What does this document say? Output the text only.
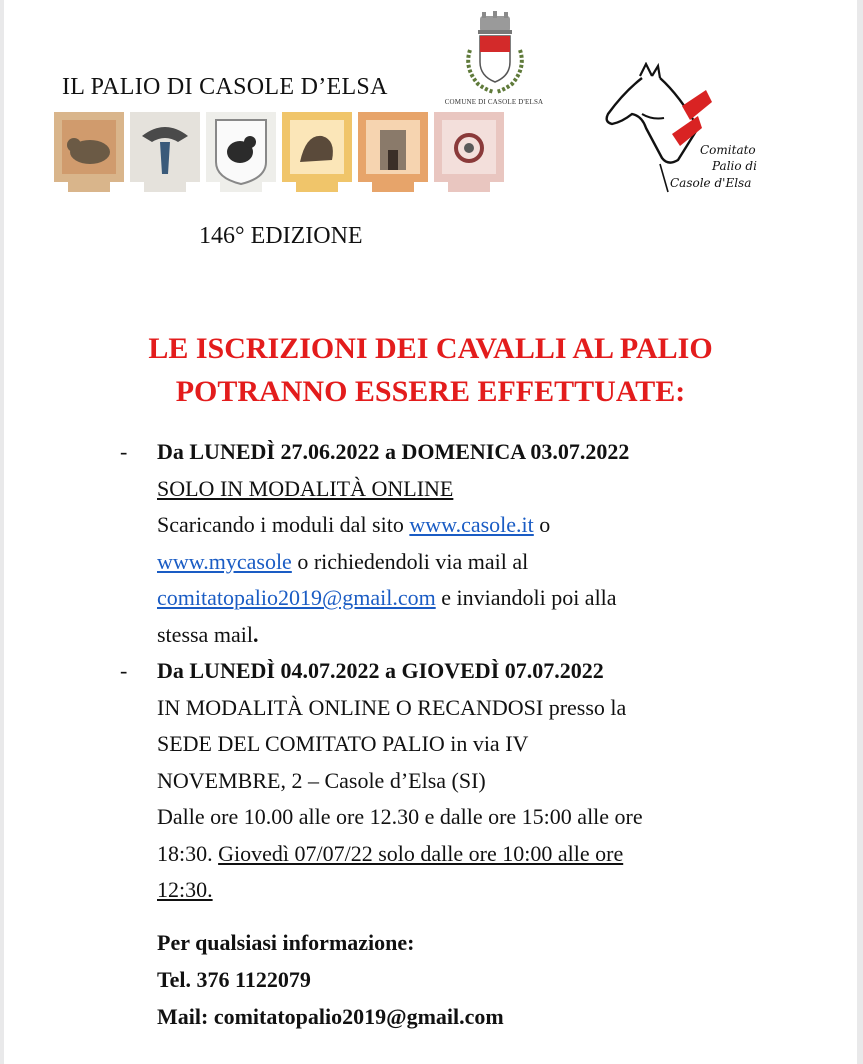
IL PALIO DI CASOLE D’ELSA
COMUNE DI CASOLE D'ELSA
146° EDIZIONE
Comitato
Palio di
Casole d'Elsa
LE ISCRIZIONI DEI CAVALLI AL PALIO
POTRANNO ESSERE EFFETTUATE:
- Da LUNEDÌ 27.06.2022 a DOMENICA 03.07.2022
SOLO IN MODALITÀ ONLINE
Scaricando i moduli dal sito www.casole.it o
www.mycasole o richiedendoli via mail al
comitatopalio2019@gmail.com e inviandoli poi alla
stessa mail.
- Da LUNEDÌ 04.07.2022 a GIOVEDÌ 07.07.2022
IN MODALITÀ ONLINE O RECANDOSI presso la
SEDE DEL COMITATO PALIO in via IV
NOVEMBRE, 2 – Casole d’Elsa (SI)
Dalle ore 10.00 alle ore 12.30 e dalle ore 15:00 alle ore
18:30. Giovedì 07/07/22 solo dalle ore 10:00 alle ore
12:30.
Per qualsiasi informazione:
Tel. 376 1122079
Mail: comitatopalio2019@gmail.com
